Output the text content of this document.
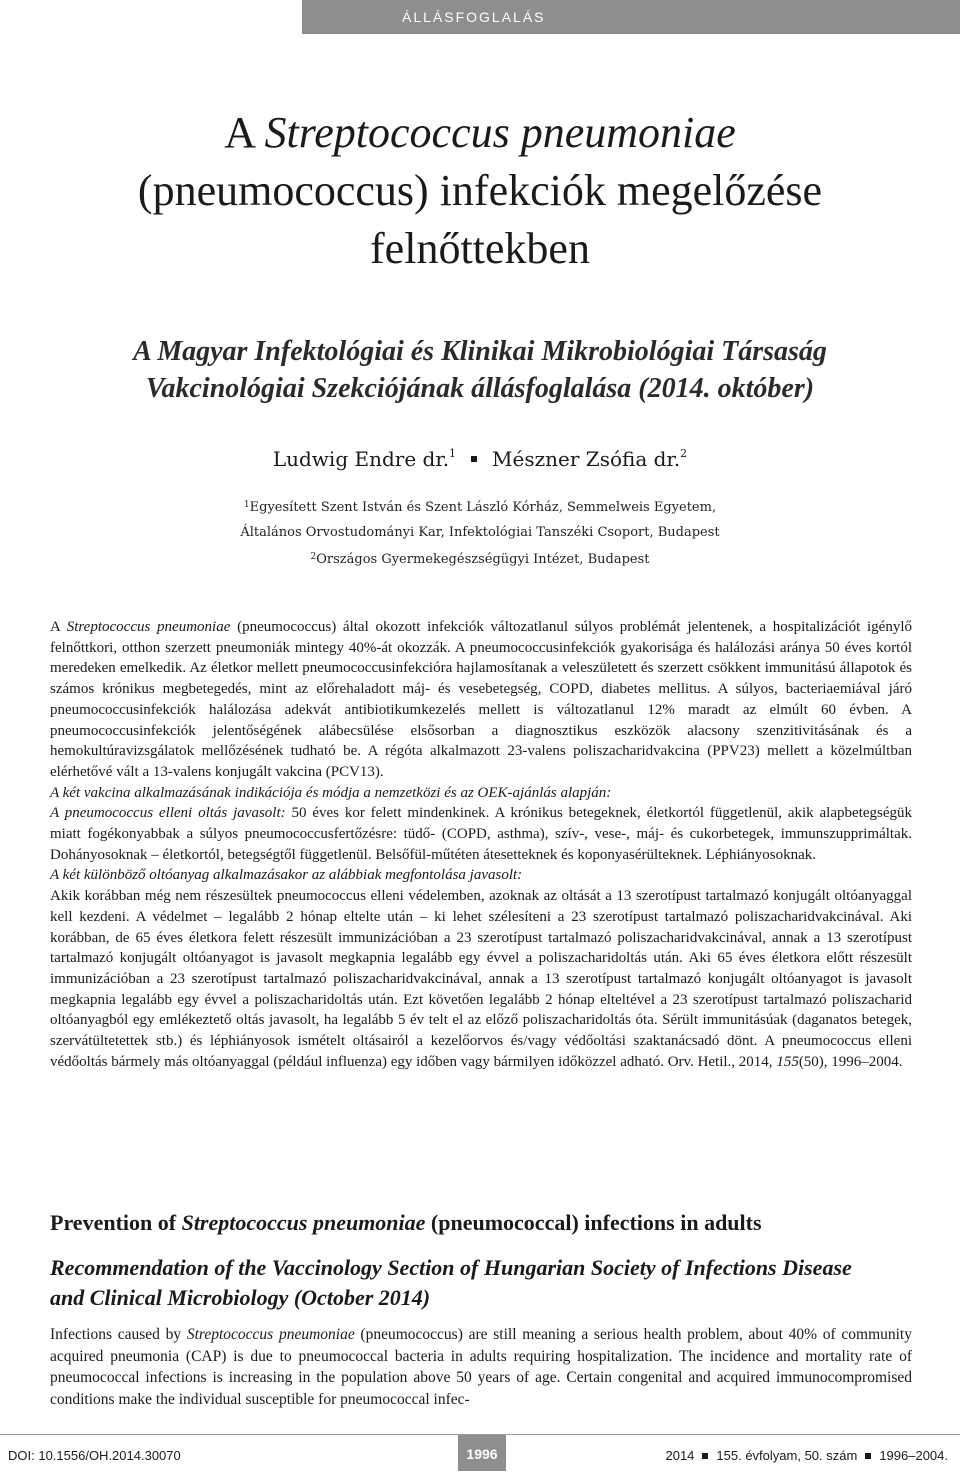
ÁLLÁSFOGLALÁS
A Streptococcus pneumoniae
(pneumococcus) infekciók megelőzése
felnőttekben
A Magyar Infektológiai és Klinikai Mikrobiológiai Társaság
Vakcinológiai Szekciójának állásfoglalása (2014. október)
Ludwig Endre dr.$^1$ Mészner Zsófia dr.$^2$
$^1$Egyesített Szent István és Szent László Kórház, Semmelweis Egyetem,
Általános Orvostudományi Kar, Infektológiai Tanszéki Csoport, Budapest
$^2$Országos Gyermekegészségügyi Intézet, Budapest

A Streptococcus pneumoniae (pneumococcus) által okozott infekciók változatlanul súlyos problémát jelentenek, a hospitalizációt igénylő felnőttkori, otthon szerzett pneumoniák mintegy 40%-át okozzák. A pneumococcusinfekciók gyakorisága és halálozási aránya 50 éves kortól meredeken emelkedik. Az életkor mellett pneumococcusinfekcióra hajlamosítanak a veleszületett és szerzett csökkent immunitású állapotok és számos krónikus megbetegedés, mint az előrehaladott máj- és vesebetegség, COPD, diabetes mellitus. A súlyos, bacteriaemiával járó pneumococcusinfekciók halálozása adekvát antibiotikumkezelés mellett is változatlanul 12% maradt az elmúlt 60 évben. A pneumococcusinfekciók jelentőségének alábecsülése elsősorban a diagnosztikus eszközök alacsony szenzitivitásának és a hemokultúravizsgálatok mellőzésének tudható be. A régóta alkalmazott 23-valens poliszacharidvakcina (PPV23) mellett a közelmúltban elérhetővé vált a 13-valens konjugált vakcina (PCV13).

A két vakcina alkalmazásának indikációja és módja a nemzetközi és az OEK-ajánlás alapján:

A pneumococcus elleni oltás javasolt: 50 éves kor felett mindenkinek. A krónikus betegeknek, életkortól függetlenül, akik alapbetegségük miatt fogékonyabbak a súlyos pneumococcusfertőzésre: tüdő- (COPD, asthma), szív-, vese-, máj- és cukorbetegek, immunszupprimáltak. Dohányosoknak – életkortól, betegségtől függetlenül. Belsőfül-műtéten átesetteknek és koponyasérülteknek. Léphiányosoknak.

A két különböző oltóanyag alkalmazásakor az alábbiak megfontolása javasolt:

Akik korábban még nem részesültek pneumococcus elleni védelemben, azoknak az oltását a 13 szerotípust tartalmazó konjugált oltóanyaggal kell kezdeni. A védelmet – legalább 2 hónap eltelte után – ki lehet szélesíteni a 23 szerotípust tartalmazó poliszacharidvakcinával. Aki korábban, de 65 éves életkora felett részesült immunizációban a 23 szerotípust tartalmazó poliszacharidvakcinával, annak a 13 szerotípust tartalmazó konjugált oltóanyagot is javasolt megkapnia legalább egy évvel a poliszacharidoltás után. Aki 65 éves életkora előtt részesült immunizációban a 23 szerotípust tartalmazó poliszacharidvakcinával, annak a 13 szerotípust tartalmazó konjugált oltóanyagot is javasolt megkapnia legalább egy évvel a poliszacharidoltás után. Ezt követően legalább 2 hónap elteltével a 23 szerotípust tartalmazó poliszacharid oltóanyagból egy emlékeztető oltás javasolt, ha legalább 5 év telt el az előző poliszacharidoltás óta. Sérült immunitásúak (daganatos betegek, szervátültetettek stb.) és léphiányosok ismételt oltásairól a kezelőorvos és/vagy védőoltási szaktanácsadó dönt. A pneumococcus elleni védőoltás bármely más oltóanyaggal (például influenza) egy időben vagy bármilyen időközzel adható. Orv. Hetil., 2014, 155(50), 1996–2004.

Prevention of Streptococcus pneumoniae (pneumococcal) infections in adults
Recommendation of the Vaccinology Section of Hungarian Society of Infections Disease
and Clinical Microbiology (October 2014)

Infections caused by Streptococcus pneumoniae (pneumococcus) are still meaning a serious health problem, about 40% of community acquired pneumonia (CAP) is due to pneumococcal bacteria in adults requiring hospitalization. The incidence and mortality rate of pneumococcal infections is increasing in the population above 50 years of age. Certain congenital and acquired immunocompromised conditions make the individual susceptible for pneumococcal infec-

DOI: 10.1556/OH.2014.30070	1996	2014 155. évfolyam, 50. szám 1996–2004.
